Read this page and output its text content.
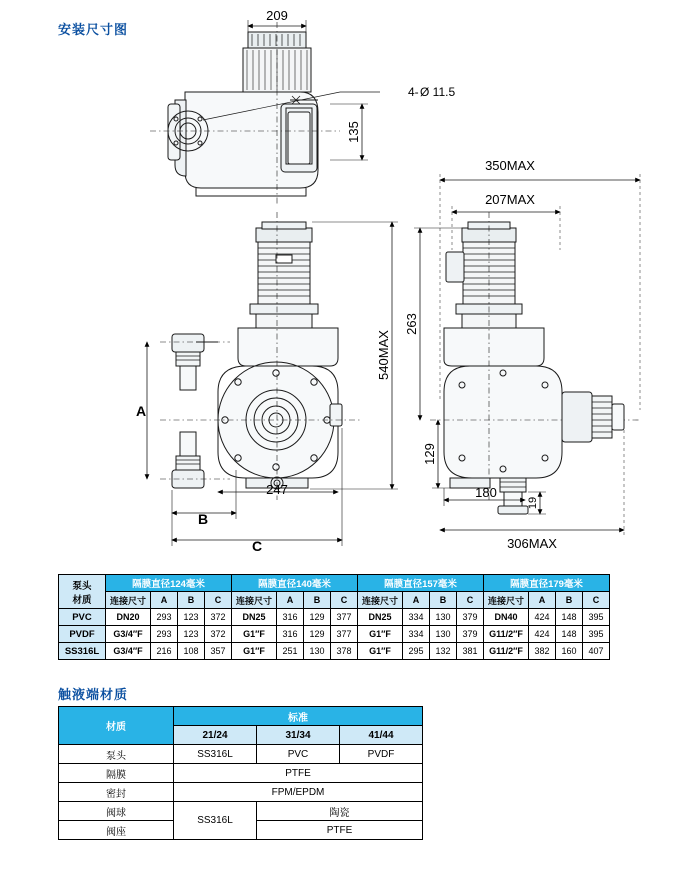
安装尺寸图
209
4-
350MAX
207MAX
247	180
306MAX
135
540MAX
263
129
19
A
B
C
Ø 11.5
泵头
材质	隔膜直径124毫米				隔膜直径140毫米				隔膜直径157毫米				隔膜直径179毫米			
	连接尺寸	A	B	C	连接尺寸	A	B	C	连接尺寸	A	B	C	连接尺寸	A	B	C
PVC	DN20	293	123	372	DN25	316	129	377	DN25	334	130	379	DN40	424	148	395
PVDF	G3/4″F	293	123	372	G1″F	316	129	377	G1″F	334	130	379	G11/2″F	424	148	395
SS316L	G3/4″F	216	108	357	G1″F	251	130	378	G1″F	295	132	381	G11/2″F	382	160	407
触液端材质
材质	标准		
	21/24	31/34	41/44
泵头	SS316L	PVC	PVDF
隔膜	PTFE		
密封	FPM/EPDM		
阀球	SS316L	陶瓷	
阀座		PTFE	
